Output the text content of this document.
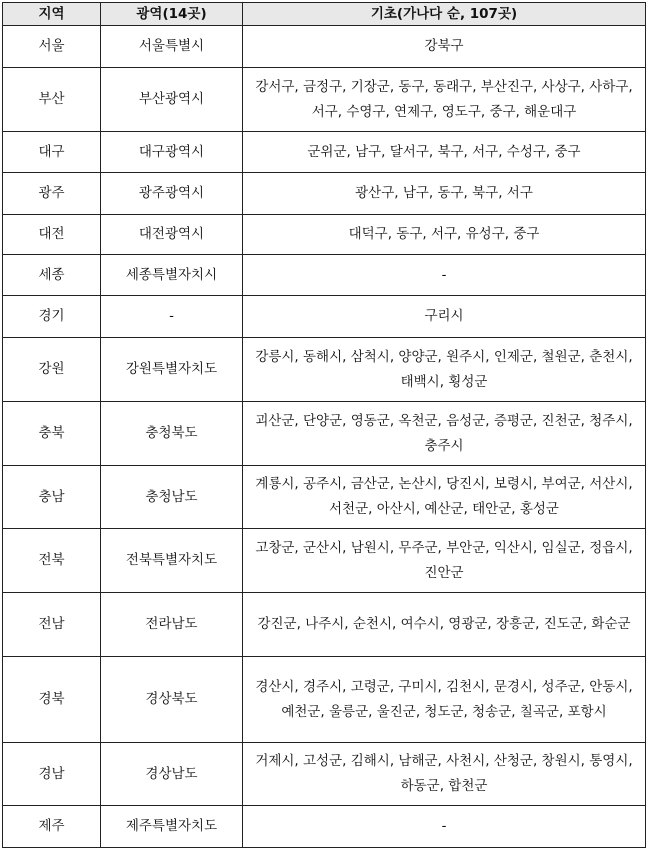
지역	광역(14곳)	기초(가나다 순, 107곳)
서울	서울특별시	강북구
부산	부산광역시	강서구, 금정구, 기장군, 동구, 동래구, 부산진구, 사상구, 사하구, 서구, 수영구, 연제구, 영도구, 중구, 해운대구
대구	대구광역시	군위군, 남구, 달서구, 북구, 서구, 수성구, 중구
광주	광주광역시	광산구, 남구, 동구, 북구, 서구
대전	대전광역시	대덕구, 동구, 서구, 유성구, 중구
세종	세종특별자치시	-
경기	-	구리시
강원	강원특별자치도	강릉시, 동해시, 삼척시, 양양군, 원주시, 인제군, 철원군, 춘천시, 태백시, 횡성군
충북	충청북도	괴산군, 단양군, 영동군, 옥천군, 음성군, 증평군, 진천군, 청주시, 충주시
충남	충청남도	계룡시, 공주시, 금산군, 논산시, 당진시, 보령시, 부여군, 서산시, 서천군, 아산시, 예산군, 태안군, 홍성군
전북	전북특별자치도	고창군, 군산시, 남원시, 무주군, 부안군, 익산시, 임실군, 정읍시, 진안군
전남	전라남도	강진군, 나주시, 순천시, 여수시, 영광군, 장흥군, 진도군, 화순군
경북	경상북도	경산시, 경주시, 고령군, 구미시, 김천시, 문경시, 성주군, 안동시, 예천군, 울릉군, 울진군, 청도군, 청송군, 칠곡군, 포항시
경남	경상남도	거제시, 고성군, 김해시, 남해군, 사천시, 산청군, 창원시, 통영시, 하동군, 합천군
제주	제주특별자치도	-
